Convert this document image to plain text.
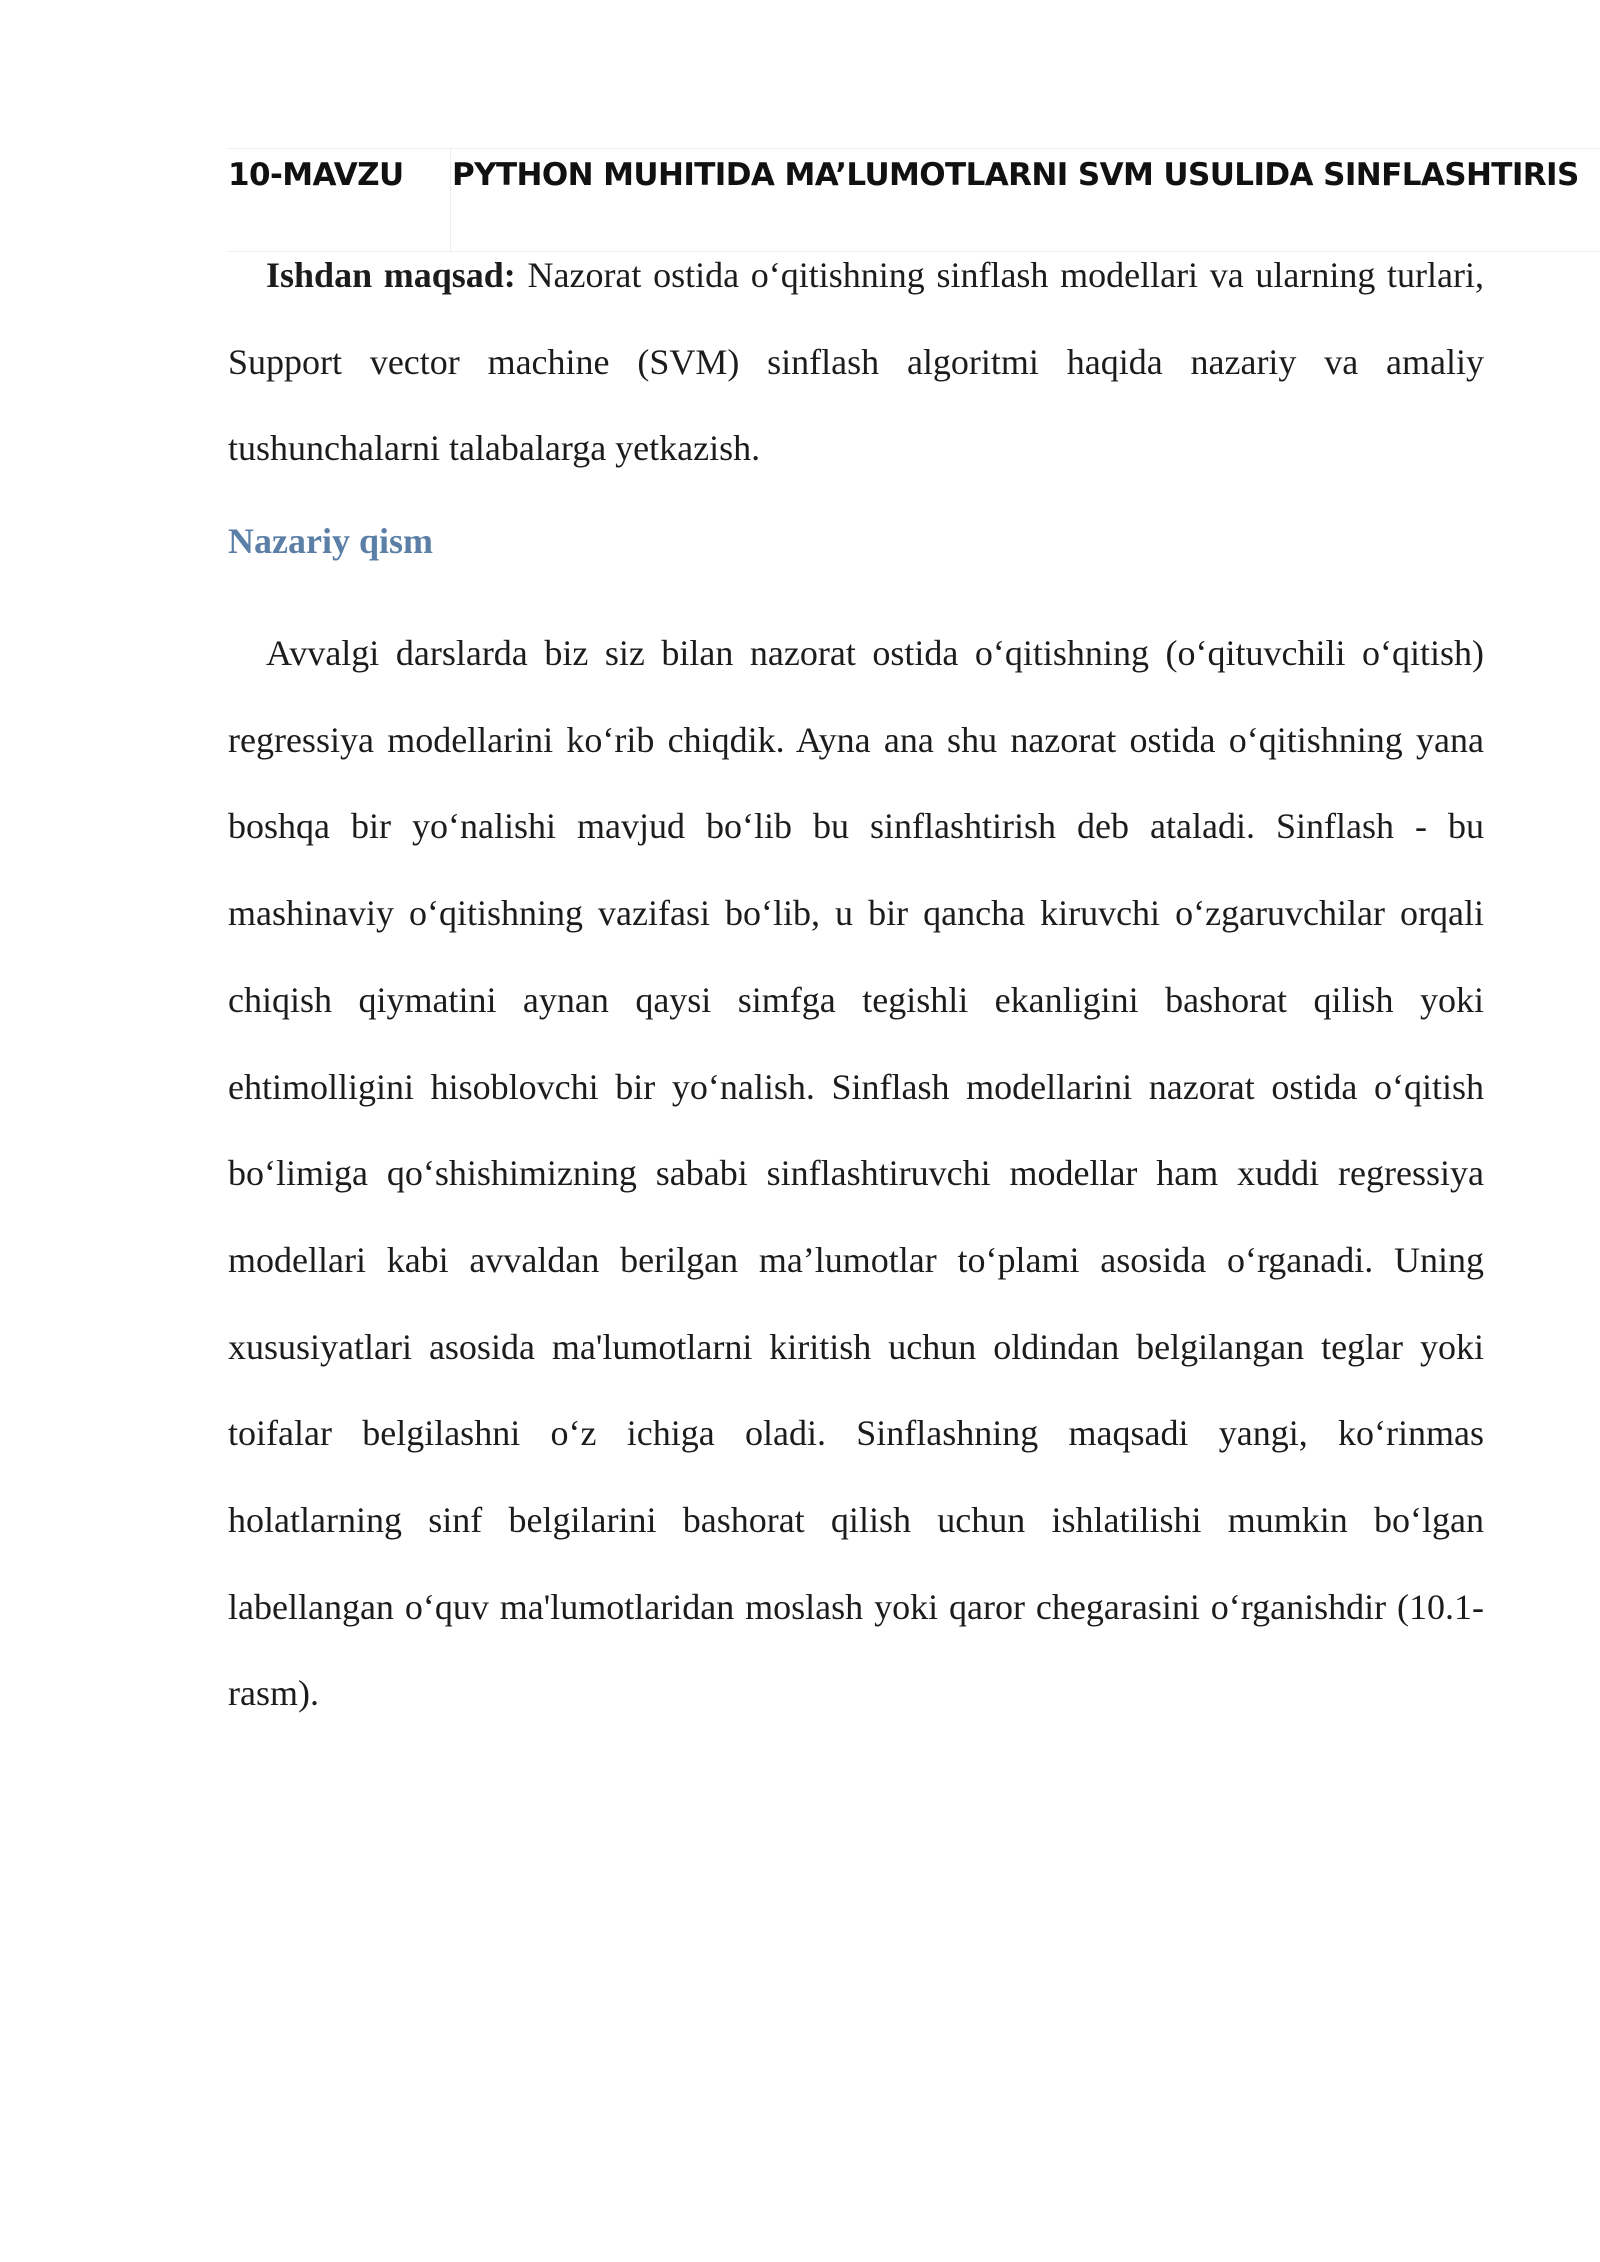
10-MAVZU PYTHON MUHITIDA MA’LUMOTLARNI SVM USULIDA SINFLASHTIRIS

Ishdan maqsad: Nazorat ostida o‘qitishning sinflash modellari va ularning turlari, Support vector machine (SVM) sinflash algoritmi haqida nazariy va amaliy tushunchalarni talabalarga yetkazish.

Nazariy qism

Avvalgi darslarda biz siz bilan nazorat ostida o‘qitishning (o‘qituvchili o‘qitish) regressiya modellarini ko‘rib chiqdik. Ayna ana shu nazorat ostida o‘qitishning yana boshqa bir yo‘nalishi mavjud bo‘lib bu sinflashtirish deb ataladi. Sinflash - bu mashinaviy o‘qitishning vazifasi bo‘lib, u bir qancha kiruvchi o‘zgaruvchilar orqali chiqish qiymatini aynan qaysi simfga tegishli ekanligini bashorat qilish yoki ehtimolligini hisoblovchi bir yo‘nalish. Sinflash modellarini nazorat ostida o‘qitish bo‘limiga qo‘shishimizning sababi sinflashtiruvchi modellar ham xuddi regressiya modellari kabi avvaldan berilgan ma’lumotlar to‘plami asosida o‘rganadi. Uning xususiyatlari asosida ma'lumotlarni kiritish uchun oldindan belgilangan teglar yoki toifalar belgilashni o‘z ichiga oladi. Sinflashning maqsadi yangi, ko‘rinmas holatlarning sinf belgilarini bashorat qilish uchun ishlatilishi mumkin bo‘lgan labellangan o‘quv ma'lumotlaridan moslash yoki qaror chegarasini o‘rganishdir (10.1-rasm).
